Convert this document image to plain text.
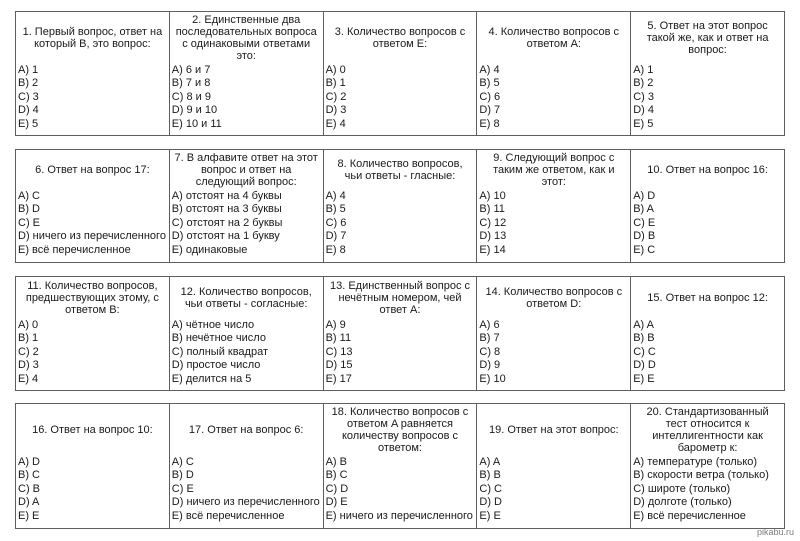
1. Первый вопрос, ответ на
который B, это вопрос:
A) 1
B) 2
C) 3
D) 4
E) 5
2. Единственные два
последовательных вопроса
с одинаковыми ответами
это:
A) 6 и 7
B) 7 и 8
C) 8 и 9
D) 9 и 10
E) 10 и 11
3. Количество вопросов с
ответом E:
A) 0
B) 1
C) 2
D) 3
E) 4
4. Количество вопросов с
ответом A:
A) 4
B) 5
C) 6
D) 7
E) 8
5. Ответ на этот вопрос
такой же, как и ответ на
вопрос:
A) 1
B) 2
C) 3
D) 4
E) 5
6. Ответ на вопрос 17:
A) C
B) D
C) E
D) ничего из перечисленного
E) всё перечисленное
7. В алфавите ответ на этот
вопрос и ответ на
следующий вопрос:
A) отстоят на 4 буквы
B) отстоят на 3 буквы
C) отстоят на 2 буквы
D) отстоят на 1 букву
E) одинаковые
8. Количество вопросов,
чьи ответы - гласные:
A) 4
B) 5
C) 6
D) 7
E) 8
9. Следующий вопрос с
таким же ответом, как и
этот:
A) 10
B) 11
C) 12
D) 13
E) 14
10. Ответ на вопрос 16:
A) D
B) A
C) E
D) B
E) C
11. Количество вопросов,
предшествующих этому, с
ответом B:
A) 0
B) 1
C) 2
D) 3
E) 4
12. Количество вопросов,
чьи ответы - согласные:
A) чётное число
B) нечётное число
C) полный квадрат
D) простое число
E) делится на 5
13. Единственный вопрос с
нечётным номером, чей
ответ A:
A) 9
B) 11
C) 13
D) 15
E) 17
14. Количество вопросов с
ответом D:
A) 6
B) 7
C) 8
D) 9
E) 10
15. Ответ на вопрос 12:
A) A
B) B
C) C
D) D
E) E
16. Ответ на вопрос 10:
A) D
B) C
C) B
D) A
E) E
17. Ответ на вопрос 6:
A) C
B) D
C) E
D) ничего из перечисленного
E) всё перечисленное
18. Количество вопросов с
ответом A равняется
количеству вопросов с
ответом:
A) B
B) C
C) D
D) E
E) ничего из перечисленного
19. Ответ на этот вопрос:
A) A
B) B
C) C
D) D
E) E
20. Стандартизованный
тест относится к
интеллигентности как
барометр к:
A) температуре (только)
B) скорости ветра (только)
C) широте (только)
D) долготе (только)
E) всё перечисленное
pikabu.ru
